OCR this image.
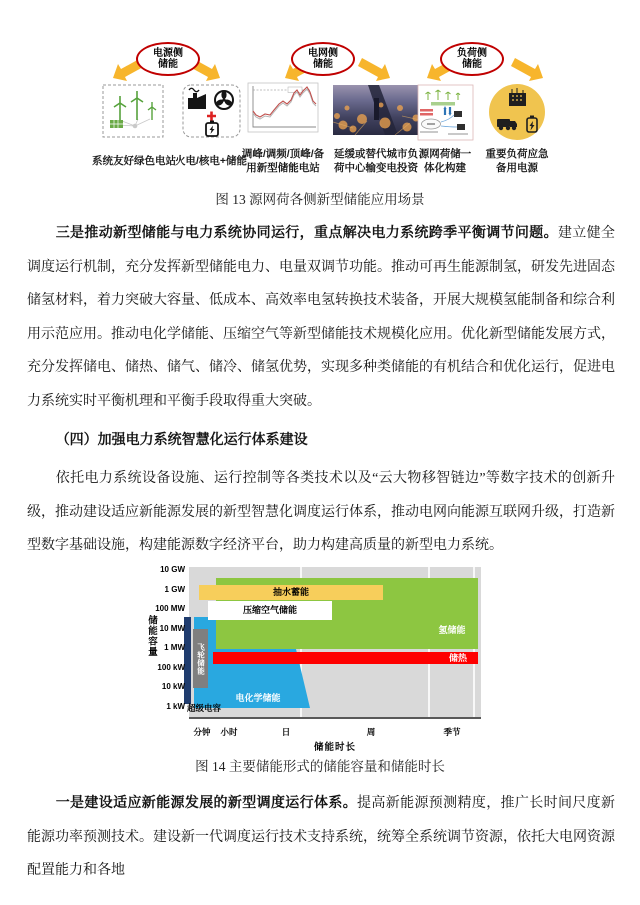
电源侧
储能
电网侧
储能
负荷侧
储能
系统友好绿色电站
火电/核电+储能
调峰/调频/顶峰/备
用新型储能电站
延缓或替代城市负
荷中心输变电投资
源网荷储一
体化构建
重要负荷应急
备用电源
图 13 源网荷各侧新型储能应用场景
三是推动新型储能与电力系统协同运行，重点解决电力系统跨季平衡调节问题。建立健全调度运行机制，充分发挥新型储能电力、电量双调节功能。推动可再生能源制氢，研发先进固态储氢材料，着力突破大容量、低成本、高效率电氢转换技术装备，开展大规模氢能制备和综合利用示范应用。推动电化学储能、压缩空气等新型储能技术规模化应用。优化新型储能发展方式，充分发挥储电、储热、储气、储冷、储氢优势，实现多种类储能的有机结合和优化运行，促进电力系统实时平衡机理和平衡手段取得重大突破。
（四）加强电力系统智慧化运行体系建设
依托电力系统设备设施、运行控制等各类技术以及“云大物移智链边”等数字技术的创新升级，推动建设适应新能源发展的新型智慧化调度运行体系，推动电网向能源互联网升级，打造新型数字基础设施，构建能源数字经济平台，助力构建高质量的新型电力系统。
飞轮储能
抽水蓄能
压缩空气储能
氢储能
储热
电化学储能
超级电容
10 GW
1 GW
100 MW
10 MW
1 MW
100 kW
10 kW
1 kW
储能容量
分钟	小时	日	周	季节
储能时长
图 14 主要储能形式的储能容量和储能时长
一是建设适应新能源发展的新型调度运行体系。提高新能源预测精度，推广长时间尺度新能源功率预测技术。建设新一代调度运行技术支持系统，统筹全系统调节资源，依托大电网资源配置能力和各地
